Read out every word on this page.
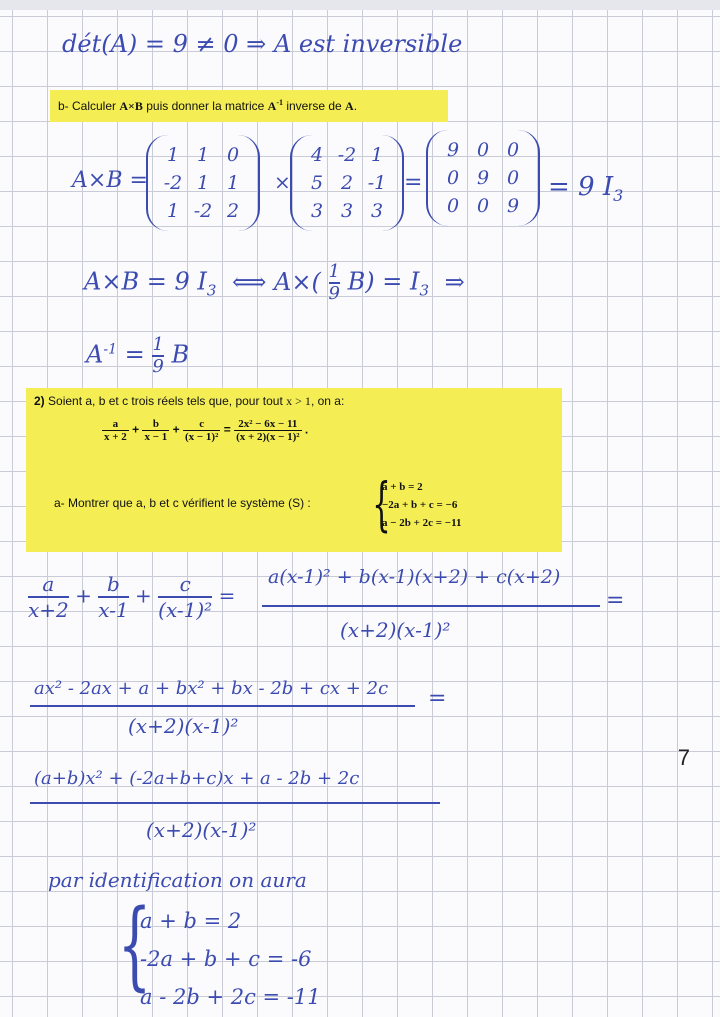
dét(A) = 9 ≠ 0 ⇒ A est inversible
b- Calculer A×B puis donner la matrice $A^{-1}$ inverse de A.
A×B =
1	1	0
-2	1	1
1	-2	2
×
4	-2	1
5	2	-1
3	3	3
=
9	0	0
0	9	0
0	0	9
= 9 $I_3$
A×B = 9 $I_3$ ⟺ $A\times( \frac{1}{9} B) = I_3$ ⇒
$A^{-1} = \frac{1}{9}$ B
2) Soient a, b et c trois réels tels que, pour tout x > 1, on a:
$\frac{a}{x + 2} + \frac{b}{x - 1} + \frac{c}{\text{(x − 1)²}} = \frac{\text{2x² − 6x − 11}}{\text{(x + 2)(x − 1)²}}$ .
a- Montrer que a, b et c vérifient le système (S) : {
a + b = 2
−2a + b + c = −6
a − 2b + 2c = −11
$\frac{a}{x+2} + \frac{b}{x-1} + \frac{c}{\text{(x-1)²}}$ =
a(x-1)² + b(x-1)(x+2) + c(x+2)
(x+2)(x-1)²
=
ax² - 2ax + a + bx² + bx - 2b + cx + 2c
(x+2)(x-1)²
=
(a+b)x² + (-2a+b+c)x + a - 2b + 2c
(x+2)(x-1)²
par identification on aura
{
a + b = 2
-2a + b + c = -6
a - 2b + 2c = -11
7
